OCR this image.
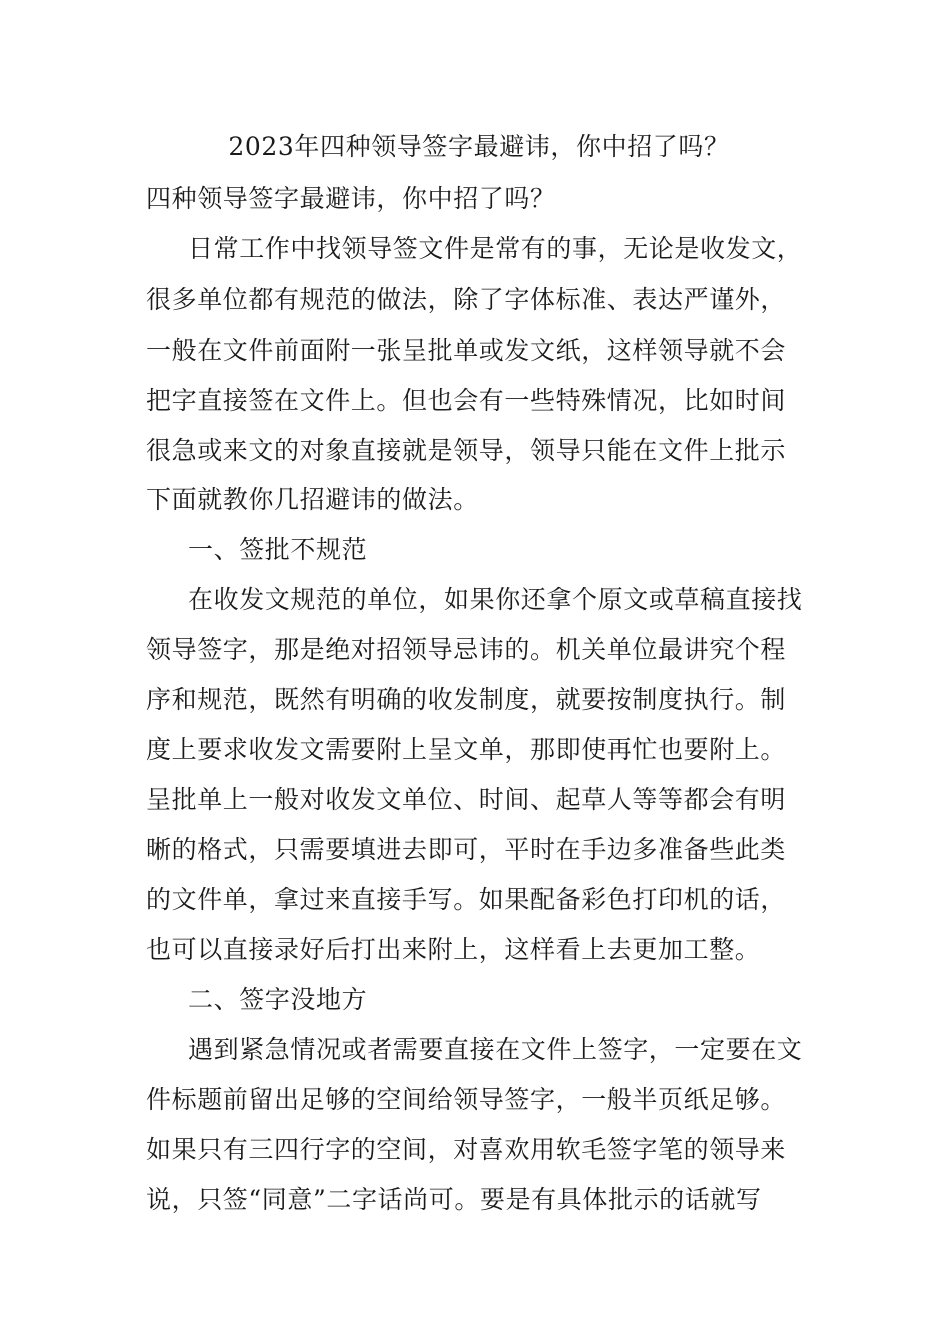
2023年四种领导签字最避讳，你中招了吗？
四种领导签字最避讳，你中招了吗？
日常工作中找领导签文件是常有的事，无论是收发文，
很多单位都有规范的做法，除了字体标准、表达严谨外，
一般在文件前面附一张呈批单或发文纸，这样领导就不会
把字直接签在文件上。但也会有一些特殊情况，比如时间
很急或来文的对象直接就是领导，领导只能在文件上批示
下面就教你几招避讳的做法。
一、签批不规范
在收发文规范的单位，如果你还拿个原文或草稿直接找
领导签字，那是绝对招领导忌讳的。机关单位最讲究个程
序和规范，既然有明确的收发制度，就要按制度执行。制
度上要求收发文需要附上呈文单，那即使再忙也要附上。
呈批单上一般对收发文单位、时间、起草人等等都会有明
晰的格式，只需要填进去即可，平时在手边多准备些此类
的文件单，拿过来直接手写。如果配备彩色打印机的话，
也可以直接录好后打出来附上，这样看上去更加工整。
二、签字没地方
遇到紧急情况或者需要直接在文件上签字，一定要在文
件标题前留出足够的空间给领导签字，一般半页纸足够。
如果只有三四行字的空间，对喜欢用软毛签字笔的领导来
说，只签“同意”二字话尚可。要是有具体批示的话就写
